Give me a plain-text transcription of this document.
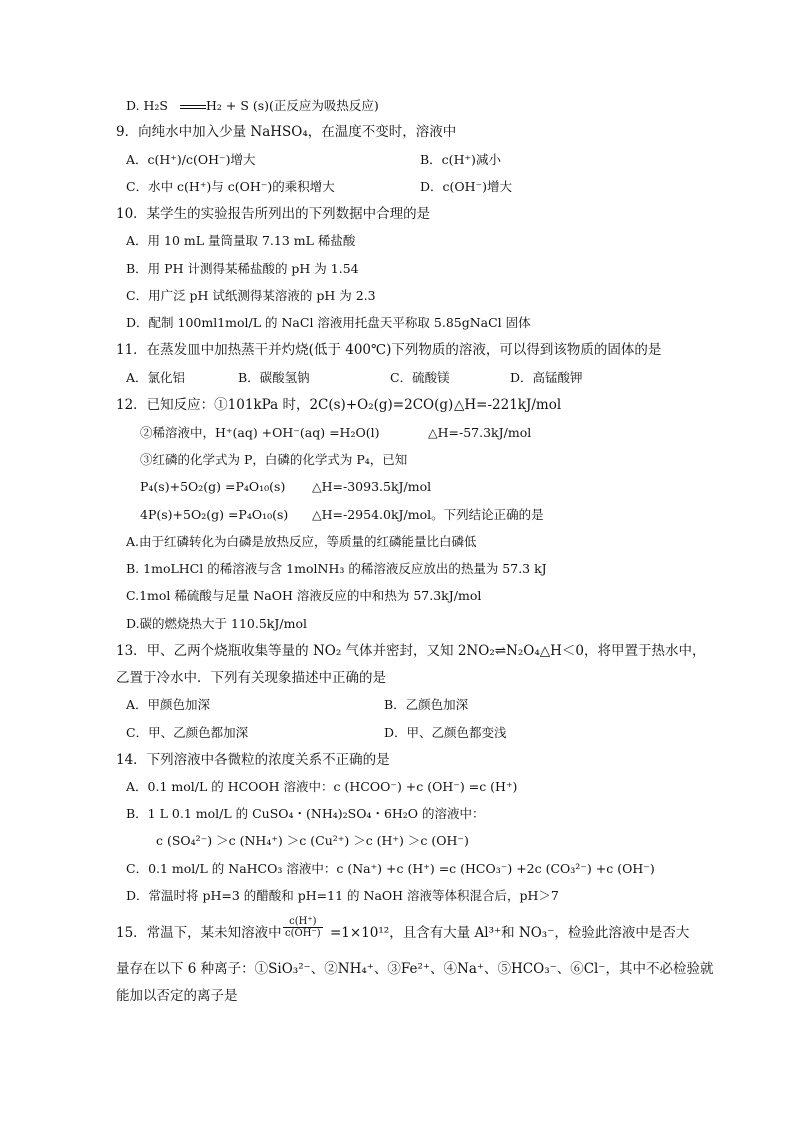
D. H₂S	H₂ + S (s)(正反应为吸热反应)
9．向纯水中加入少量 NaHSO₄，在温度不变时，溶液中
A．c(H⁺)/c(OH⁻)增大	B．c(H⁺)减小
C．水中 c(H⁺)与 c(OH⁻)的乘积增大	D．c(OH⁻)增大
10．某学生的实验报告所列出的下列数据中合理的是
A．用 10 mL 量筒量取 7.13 mL 稀盐酸
B．用 PH 计测得某稀盐酸的 pH 为 1.54
C．用广泛 pH 试纸测得某溶液的 pH 为 2.3
D．配制 100ml1mol/L 的 NaCl 溶液用托盘天平称取 5.85gNaCl 固体
11．在蒸发皿中加热蒸干并灼烧(低于 400℃)下列物质的溶液，可以得到该物质的固体的是
A．氯化铝	B．碳酸氢钠	C．硫酸镁	D．高锰酸钾
12．已知反应：①101kPa 时，2C(s)+O₂(g)=2CO(g) △H=-221kJ/mol
②稀溶液中，H⁺(aq) +OH⁻(aq) =H₂O(l)	△H=-57.3kJ/mol
③红磷的化学式为 P，白磷的化学式为 P₄，已知
P₄(s)+5O₂(g) =P₄O₁₀(s) △H=-3093.5kJ/mol
4P(s)+5O₂(g) =P₄O₁₀(s) △H=-2954.0kJ/mol。下列结论正确的是
A.由于红磷转化为白磷是放热反应，等质量的红磷能量比白磷低
B. 1moLHCl 的稀溶液与含 1molNH₃ 的稀溶液反应放出的热量为 57.3 kJ
C.1mol 稀硫酸与足量 NaOH 溶液反应的中和热为 57.3kJ/mol
D.碳的燃烧热大于 110.5kJ/mol
13．甲、乙两个烧瓶收集等量的 NO₂ 气体并密封，又知 2NO₂⇌N₂O₄△H＜0，将甲置于热水中，
乙置于冷水中．下列有关现象描述中正确的是
A．甲颜色加深	B．乙颜色加深
C．甲、乙颜色都加深	D．甲、乙颜色都变浅
14．下列溶液中各微粒的浓度关系不正确的是
A．0.1 mol/L 的 HCOOH 溶液中：c (HCOO⁻) +c (OH⁻) =c (H⁺)
B．1 L 0.1 mol/L 的 CuSO₄・(NH₄)₂SO₄・6H₂O 的溶液中：
c (SO₄²⁻) ＞c (NH₄⁺) ＞c (Cu²⁺) ＞c (H⁺) ＞c (OH⁻)
C．0.1 mol/L 的 NaHCO₃ 溶液中：c (Na⁺) +c (H⁺) =c (HCO₃⁻) +2c (CO₃²⁻) +c (OH⁻)
D．常温时将 pH=3 的醋酸和 pH=11 的 NaOH 溶液等体积混合后，pH＞7
15．常温下，某未知溶液中 $\frac{c(H^+)}{c(OH^-)} =1\times 10^{12}$，且含有大量 Al³⁺和 NO₃⁻，检验此溶液中是否大
量存在以下 6 种离子：①SiO₃²⁻、②NH₄⁺、③Fe²⁺、④Na⁺、⑤HCO₃⁻、⑥Cl⁻，其中不必检验就
能加以否定的离子是
